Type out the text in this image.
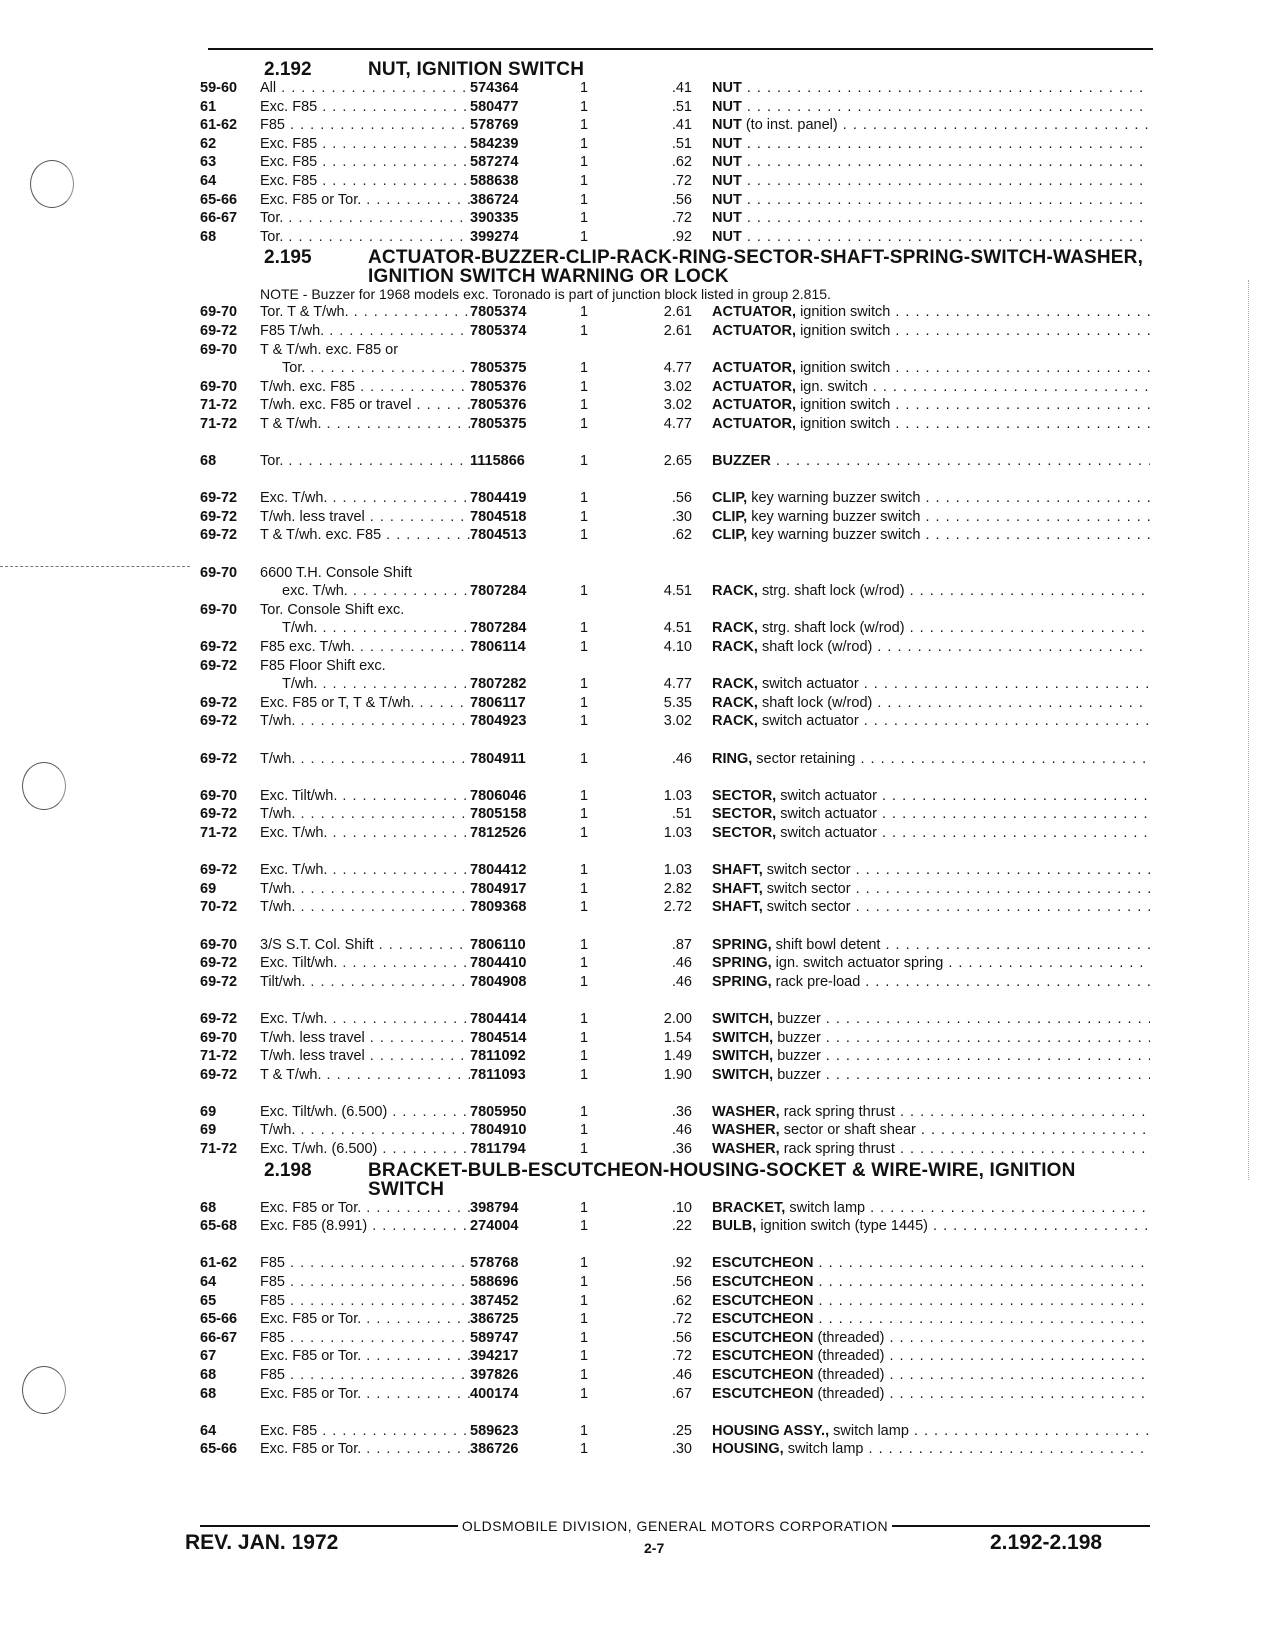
2.192	NUT, IGNITION SWITCH
59-60	All . . .	574364	1	.41	NUT . . .
61	Exc. F85 . . .	580477	1	.51	NUT . . .
61-62	F85 . . .	578769	1	.41	NUT (to inst. panel) . . .
62	Exc. F85 . . .	584239	1	.51	NUT . . .
63	Exc. F85 . . .	587274	1	.62	NUT . . .
64	Exc. F85 . . .	588638	1	.72	NUT . . .
65-66	Exc. F85 or Tor. . . .	386724	1	.56	NUT . . .
66-67	Tor. . . .	390335	1	.72	NUT . . .
68	Tor. . . .	399274	1	.92	NUT . . .
2.195	ACTUATOR-BUZZER-CLIP-RACK-RING-SECTOR-SHAFT-SPRING-SWITCH-WASHER, IGNITION SWITCH WARNING OR LOCK
NOTE - Buzzer for 1968 models exc. Toronado is part of junction block listed in group 2.815.
69-70	Tor. T & T/wh. . . .	7805374	1	2.61	ACTUATOR, ignition switch . . .
69-72	F85 T/wh. . . .	7805374	1	2.61	ACTUATOR, ignition switch . . .
69-70	T & T/wh. exc. F85 or
Tor. . . .	7805375	1	4.77	ACTUATOR, ignition switch . . .
69-70	T/wh. exc. F85 . . .	7805376	1	3.02	ACTUATOR, ign. switch . . .
71-72	T/wh. exc. F85 or travel . . .	7805376	1	3.02	ACTUATOR, ignition switch . . .
71-72	T & T/wh. . . .	7805375	1	4.77	ACTUATOR, ignition switch . . .
68	Tor. . . .	1115866	1	2.65	BUZZER . . .
69-72	Exc. T/wh. . . .	7804419	1	.56	CLIP, key warning buzzer switch . . .
69-72	T/wh. less travel . . .	7804518	1	.30	CLIP, key warning buzzer switch . . .
69-72	T & T/wh. exc. F85 . . .	7804513	1	.62	CLIP, key warning buzzer switch . . .
69-70	6600 T.H. Console Shift
exc. T/wh. . . .	7807284	1	4.51	RACK, strg. shaft lock (w/rod) . . .
69-70	Tor. Console Shift exc.
T/wh. . . .	7807284	1	4.51	RACK, strg. shaft lock (w/rod) . . .
69-72	F85 exc. T/wh. . . .	7806114	1	4.10	RACK, shaft lock (w/rod) . . .
69-72	F85 Floor Shift exc.
T/wh. . . .	7807282	1	4.77	RACK, switch actuator . . .
69-72	Exc. F85 or T, T & T/wh. . . .	7806117	1	5.35	RACK, shaft lock (w/rod) . . .
69-72	T/wh. . . .	7804923	1	3.02	RACK, switch actuator . . .
69-72	T/wh. . . .	7804911	1	.46	RING, sector retaining . . .
69-70	Exc. Tilt/wh. . . .	7806046	1	1.03	SECTOR, switch actuator . . .
69-72	T/wh. . . .	7805158	1	.51	SECTOR, switch actuator . . .
71-72	Exc. T/wh. . . .	7812526	1	1.03	SECTOR, switch actuator . . .
69-72	Exc. T/wh. . . .	7804412	1	1.03	SHAFT, switch sector . . .
69	T/wh. . . .	7804917	1	2.82	SHAFT, switch sector . . .
70-72	T/wh. . . .	7809368	1	2.72	SHAFT, switch sector . . .
69-70	3/S S.T. Col. Shift . . .	7806110	1	.87	SPRING, shift bowl detent . . .
69-72	Exc. Tilt/wh. . . .	7804410	1	.46	SPRING, ign. switch actuator spring . . .
69-72	Tilt/wh. . . .	7804908	1	.46	SPRING, rack pre-load . . .
69-72	Exc. T/wh. . . .	7804414	1	2.00	SWITCH, buzzer . . .
69-70	T/wh. less travel . . .	7804514	1	1.54	SWITCH, buzzer . . .
71-72	T/wh. less travel . . .	7811092	1	1.49	SWITCH, buzzer . . .
69-72	T & T/wh. . . .	7811093	1	1.90	SWITCH, buzzer . . .
69	Exc. Tilt/wh. (6.500) . . .	7805950	1	.36	WASHER, rack spring thrust . . .
69	T/wh. . . .	7804910	1	.46	WASHER, sector or shaft shear . . .
71-72	Exc. T/wh. (6.500) . . .	7811794	1	.36	WASHER, rack spring thrust . . .
2.198	BRACKET-BULB-ESCUTCHEON-HOUSING-SOCKET & WIRE-WIRE, IGNITION SWITCH
68	Exc. F85 or Tor. . . .	398794	1	.10	BRACKET, switch lamp . . .
65-68	Exc. F85 (8.991) . . .	274004	1	.22	BULB, ignition switch (type 1445) . . .
61-62	F85 . . .	578768	1	.92	ESCUTCHEON . . .
64	F85 . . .	588696	1	.56	ESCUTCHEON . . .
65	F85 . . .	387452	1	.62	ESCUTCHEON . . .
65-66	Exc. F85 or Tor. . . .	386725	1	.72	ESCUTCHEON . . .
66-67	F85 . . .	589747	1	.56	ESCUTCHEON (threaded) . . .
67	Exc. F85 or Tor. . . .	394217	1	.72	ESCUTCHEON (threaded) . . .
68	F85 . . .	397826	1	.46	ESCUTCHEON (threaded) . . .
68	Exc. F85 or Tor. . . .	400174	1	.67	ESCUTCHEON (threaded) . . .
64	Exc. F85 . . .	589623	1	.25	HOUSING ASSY., switch lamp . . .
65-66	Exc. F85 or Tor. . . .	386726	1	.30	HOUSING, switch lamp . . .
OLDSMOBILE DIVISION, GENERAL MOTORS CORPORATION
REV. JAN. 1972	2-7	2.192-2.198
